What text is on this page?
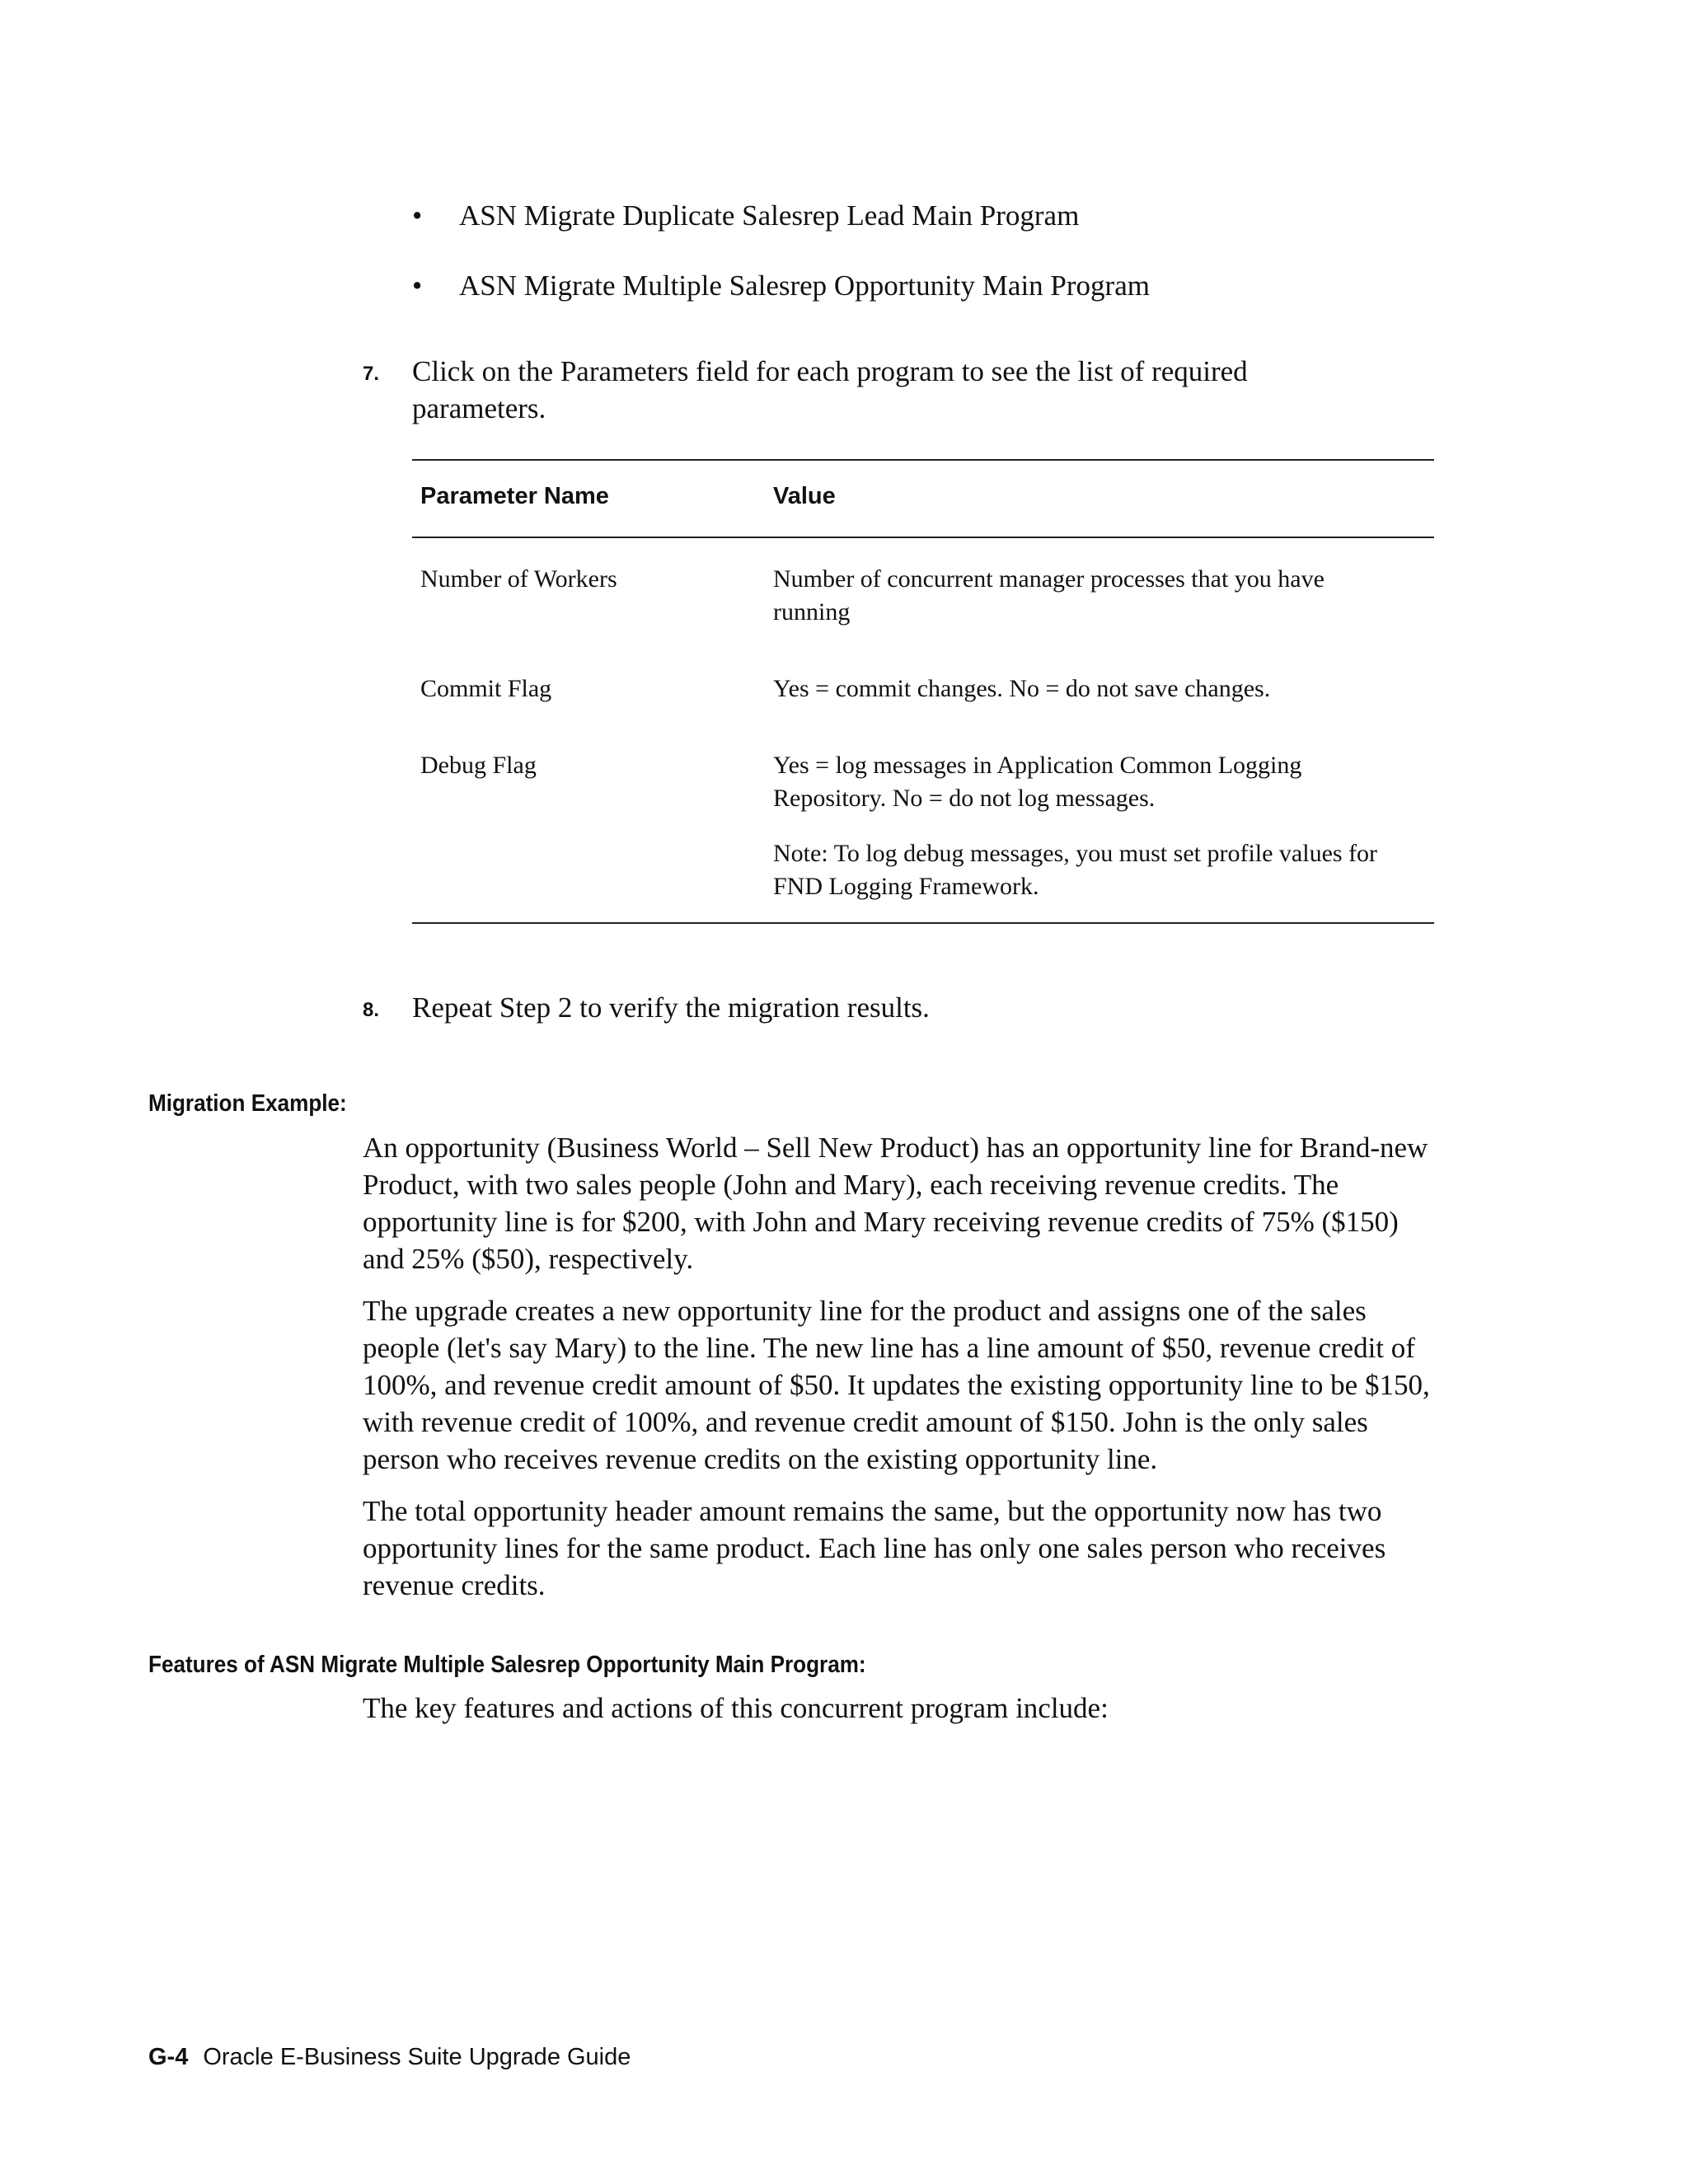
•	ASN Migrate Duplicate Salesrep Lead Main Program
•	ASN Migrate Multiple Salesrep Opportunity Main Program
7. Click on the Parameters field for each program to see the list of required parameters.
Parameter Name	Value
Number of Workers	Number of concurrent manager processes that you have running
Commit Flag	Yes = commit changes. No = do not save changes.
Debug Flag	Yes = log messages in Application Common Logging Repository. No = do not log messages.
Note: To log debug messages, you must set profile values for FND Logging Framework.
8. Repeat Step 2 to verify the migration results.
Migration Example:
An opportunity (Business World – Sell New Product) has an opportunity line for Brand-new Product, with two sales people (John and Mary), each receiving revenue credits. The opportunity line is for $200, with John and Mary receiving revenue credits of 75% ($150) and 25% ($50), respectively.
The upgrade creates a new opportunity line for the product and assigns one of the sales people (let's say Mary) to the line. The new line has a line amount of $50, revenue credit of 100%, and revenue credit amount of $50. It updates the existing opportunity line to be $150, with revenue credit of 100%, and revenue credit amount of $150. John is the only sales person who receives revenue credits on the existing opportunity line.
The total opportunity header amount remains the same, but the opportunity now has two opportunity lines for the same product. Each line has only one sales person who receives revenue credits.
Features of ASN Migrate Multiple Salesrep Opportunity Main Program:
The key features and actions of this concurrent program include:
G-4 Oracle E-Business Suite Upgrade Guide
